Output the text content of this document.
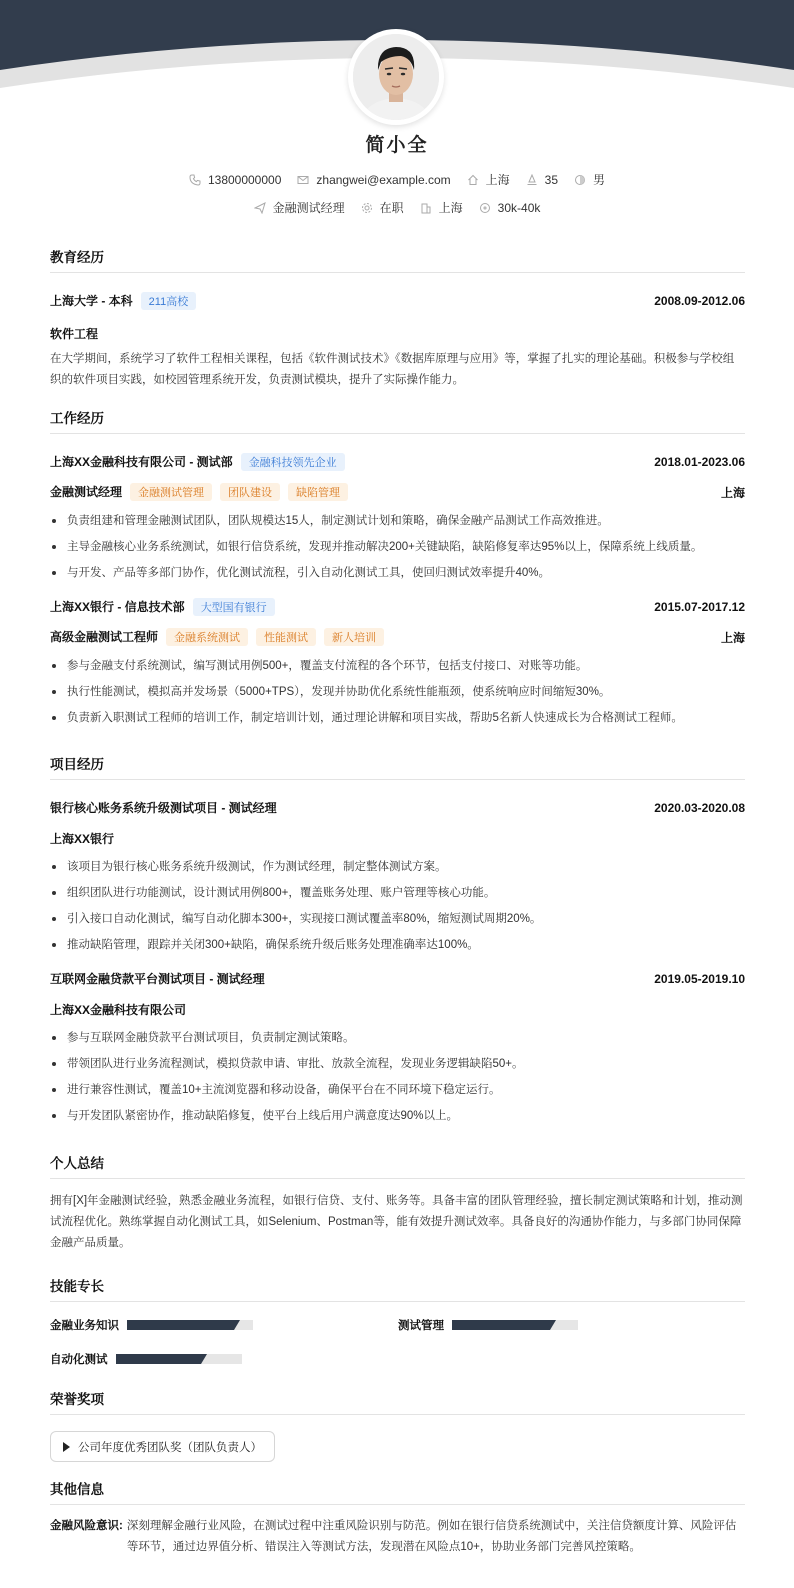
简小全
13800000000	zhangwei@example.com	上海	35	男
金融测试经理	在职	上海	30k-40k
教育经历
上海大学 - 本科 211高校	2008.09-2012.06
软件工程
在大学期间，系统学习了软件工程相关课程，包括《软件测试技术》《数据库原理与应用》等，掌握了扎实的理论基础。积极参与学校组织的软件项目实践，如校园管理系统开发，负责测试模块，提升了实际操作能力。
工作经历
上海XX金融科技有限公司 - 测试部 金融科技领先企业	2018.01-2023.06
金融测试经理 金融测试管理 团队建设 缺陷管理	上海
负责组建和管理金融测试团队，团队规模达15人，制定测试计划和策略，确保金融产品测试工作高效推进。
主导金融核心业务系统测试，如银行信贷系统，发现并推动解决200+关键缺陷，缺陷修复率达95%以上，保障系统上线质量。
与开发、产品等多部门协作，优化测试流程，引入自动化测试工具，使回归测试效率提升40%。
上海XX银行 - 信息技术部 大型国有银行	2015.07-2017.12
高级金融测试工程师 金融系统测试 性能测试 新人培训	上海
参与金融支付系统测试，编写测试用例500+，覆盖支付流程的各个环节，包括支付接口、对账等功能。
执行性能测试，模拟高并发场景（5000+TPS），发现并协助优化系统性能瓶颈，使系统响应时间缩短30%。
负责新入职测试工程师的培训工作，制定培训计划，通过理论讲解和项目实战，帮助5名新人快速成长为合格测试工程师。
项目经历
银行核心账务系统升级测试项目 - 测试经理	2020.03-2020.08
上海XX银行
该项目为银行核心账务系统升级测试，作为测试经理，制定整体测试方案。
组织团队进行功能测试，设计测试用例800+，覆盖账务处理、账户管理等核心功能。
引入接口自动化测试，编写自动化脚本300+，实现接口测试覆盖率80%，缩短测试周期20%。
推动缺陷管理，跟踪并关闭300+缺陷，确保系统升级后账务处理准确率达100%。
互联网金融贷款平台测试项目 - 测试经理	2019.05-2019.10
上海XX金融科技有限公司
参与互联网金融贷款平台测试项目，负责制定测试策略。
带领团队进行业务流程测试，模拟贷款申请、审批、放款全流程，发现业务逻辑缺陷50+。
进行兼容性测试，覆盖10+主流浏览器和移动设备，确保平台在不同环境下稳定运行。
与开发团队紧密协作，推动缺陷修复，使平台上线后用户满意度达90%以上。
个人总结
拥有[X]年金融测试经验，熟悉金融业务流程，如银行信贷、支付、账务等。具备丰富的团队管理经验，擅长制定测试策略和计划，推动测试流程优化。熟练掌握自动化测试工具，如Selenium、Postman等，能有效提升测试效率。具备良好的沟通协作能力，与多部门协同保障金融产品质量。
技能专长
金融业务知识	测试管理
自动化测试
荣誉奖项
公司年度优秀团队奖（团队负责人）
其他信息
金融风险意识: 深刻理解金融行业风险，在测试过程中注重风险识别与防范。例如在银行信贷系统测试中，关注信贷额度计算、风险评估等环节，通过边界值分析、错误注入等测试方法，发现潜在风险点10+，协助业务部门完善风控策略。
